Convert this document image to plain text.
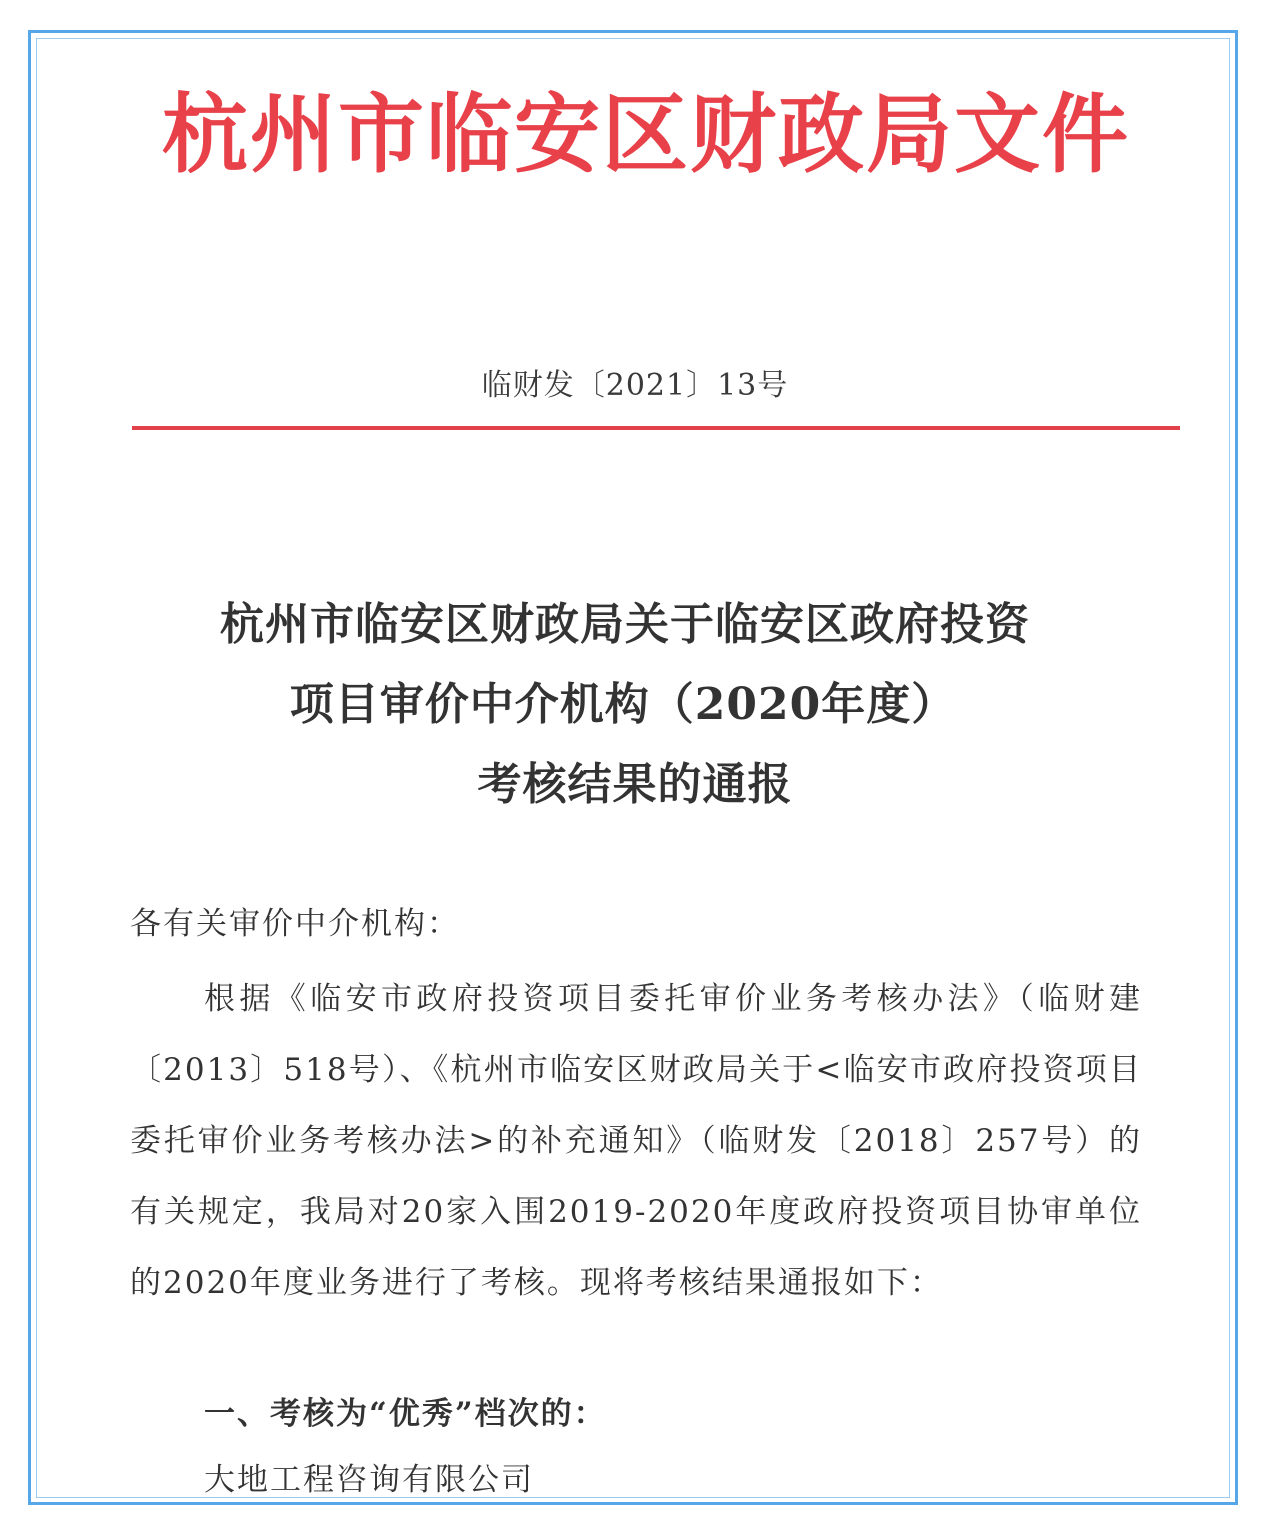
杭州市临安区财政局文件
临财发〔2021〕13号
杭州市临安区财政局关于临安区政府投资
项目审价中介机构（2020年度）
考核结果的通报
各有关审价中介机构：
根据《临安市政府投资项目委托审价业务考核办法》（临财建〔2013〕518号）、《杭州市临安区财政局关于<临安市政府投资项目委托审价业务考核办法>的补充通知》（临财发〔2018〕257号）的有关规定，我局对20家入围2019-2020年度政府投资项目协审单位的2020年度业务进行了考核。现将考核结果通报如下：
一、考核为“优秀”档次的：
大地工程咨询有限公司
